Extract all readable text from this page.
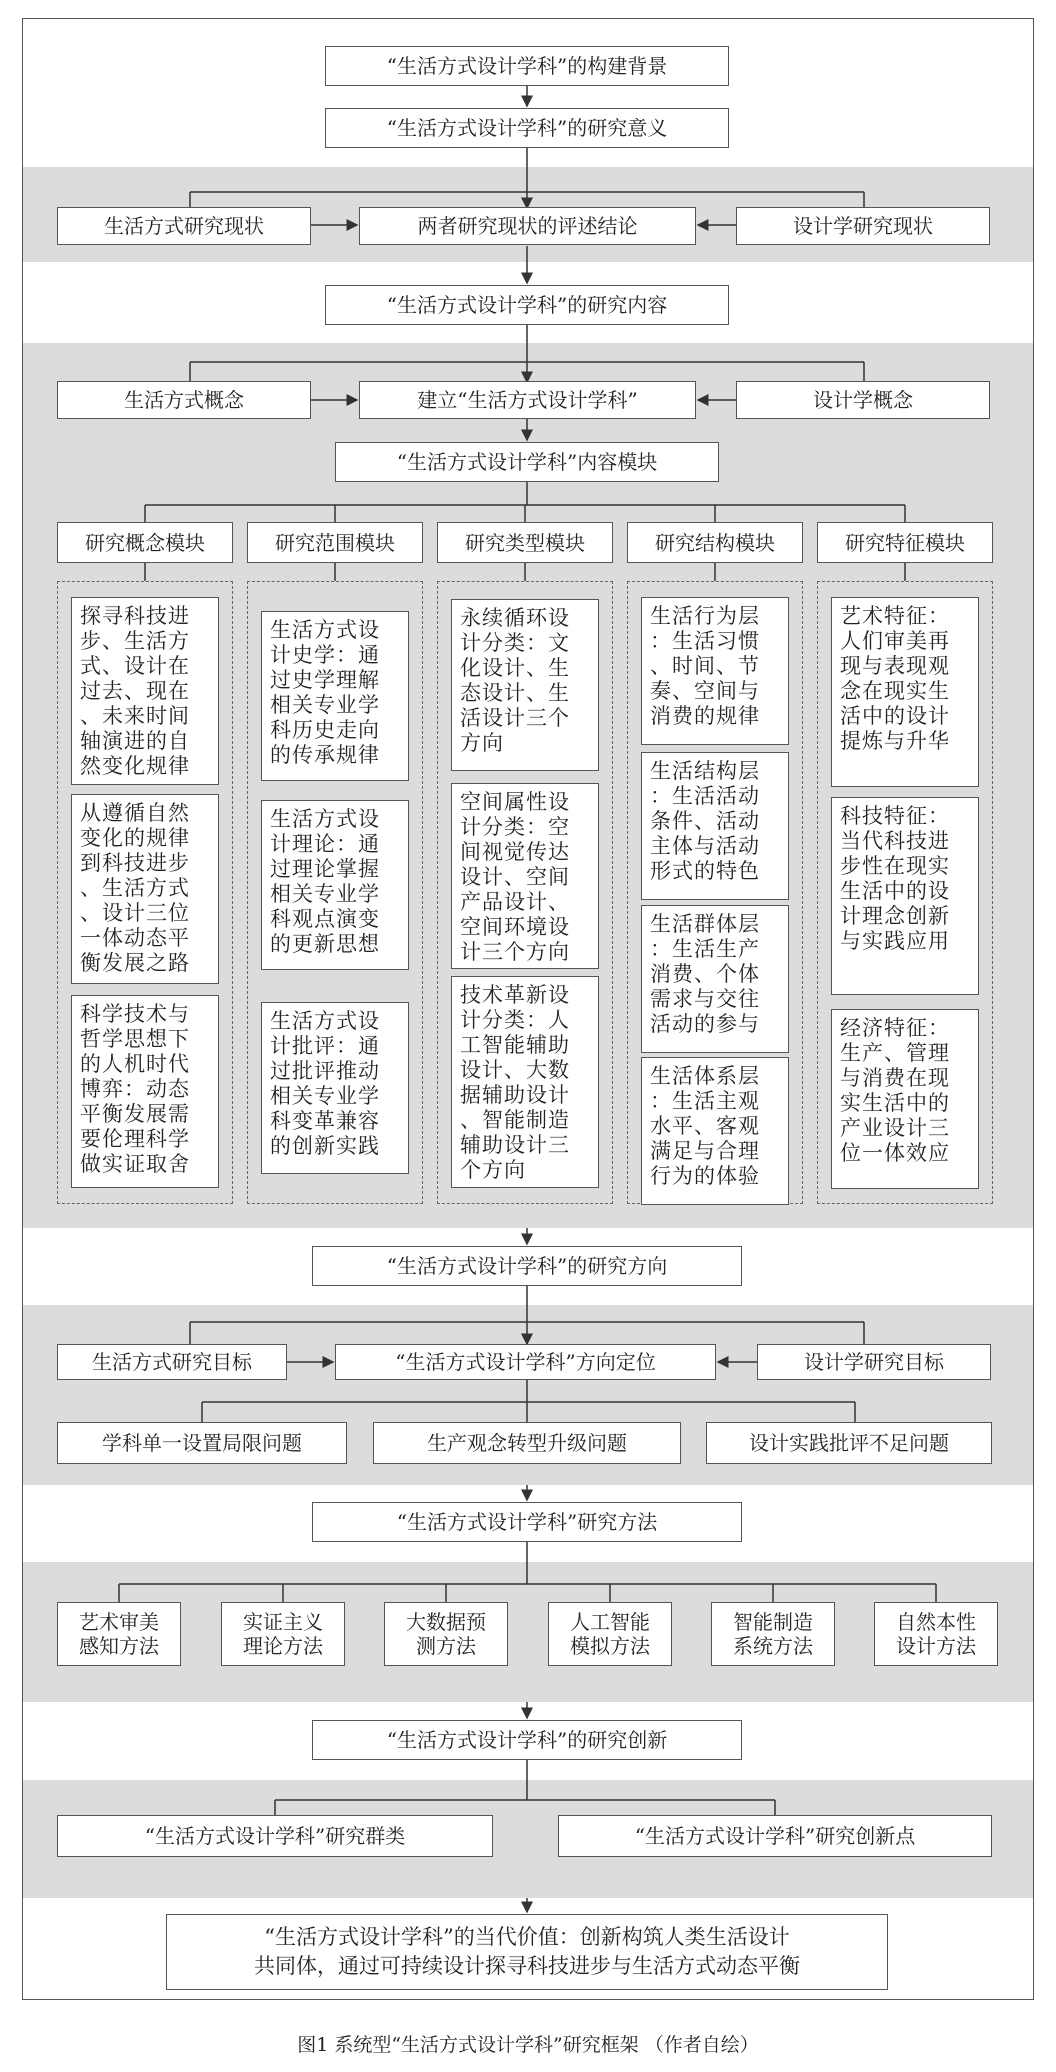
“生活方式设计学科”的构建背景
“生活方式设计学科”的研究意义
生活方式研究现状	两者研究现状的评述结论	设计学研究现状
“生活方式设计学科”的研究内容
生活方式概念	建立“生活方式设计学科”	设计学概念
“生活方式设计学科”内容模块
研究概念模块	研究范围模块	研究类型模块	研究结构模块	研究特征模块
探寻科技进
步、生活方
式、设计在
过去、现在
、未来时间
轴演进的自
然变化规律
从遵循自然
变化的规律
到科技进步
、生活方式
、设计三位
一体动态平
衡发展之路
科学技术与
哲学思想下
的人机时代
博弈：动态
平衡发展需
要伦理科学
做实证取舍
生活方式设
计史学：通
过史学理解
相关专业学
科历史走向
的传承规律
生活方式设
计理论：通
过理论掌握
相关专业学
科观点演变
的更新思想
生活方式设
计批评：通
过批评推动
相关专业学
科变革兼容
的创新实践
永续循环设
计分类：文
化设计、生
态设计、生
活设计三个
方向
空间属性设
计分类：空
间视觉传达
设计、空间
产品设计、
空间环境设
计三个方向
技术革新设
计分类：人
工智能辅助
设计、大数
据辅助设计
、智能制造
辅助设计三
个方向
生活行为层
：生活习惯
、时间、节
奏、空间与
消费的规律
生活结构层
：生活活动
条件、活动
主体与活动
形式的特色
生活群体层
：生活生产
消费、个体
需求与交往
活动的参与
生活体系层
：生活主观
水平、客观
满足与合理
行为的体验
艺术特征：
人们审美再
现与表现观
念在现实生
活中的设计
提炼与升华
科技特征：
当代科技进
步性在现实
生活中的设
计理念创新
与实践应用
经济特征：
生产、管理
与消费在现
实生活中的
产业设计三
位一体效应
“生活方式设计学科”的研究方向
生活方式研究目标	“生活方式设计学科”方向定位	设计学研究目标
学科单一设置局限问题	生产观念转型升级问题	设计实践批评不足问题
“生活方式设计学科”研究方法
艺术审美
感知方法
实证主义
理论方法
大数据预
测方法
人工智能
模拟方法
智能制造
系统方法
自然本性
设计方法
“生活方式设计学科”的研究创新
“生活方式设计学科”研究群类	“生活方式设计学科”研究创新点
“生活方式设计学科”的当代价值：创新构筑人类生活设计
共同体，通过可持续设计探寻科技进步与生活方式动态平衡
图1 系统型“生活方式设计学科”研究框架 （作者自绘）
